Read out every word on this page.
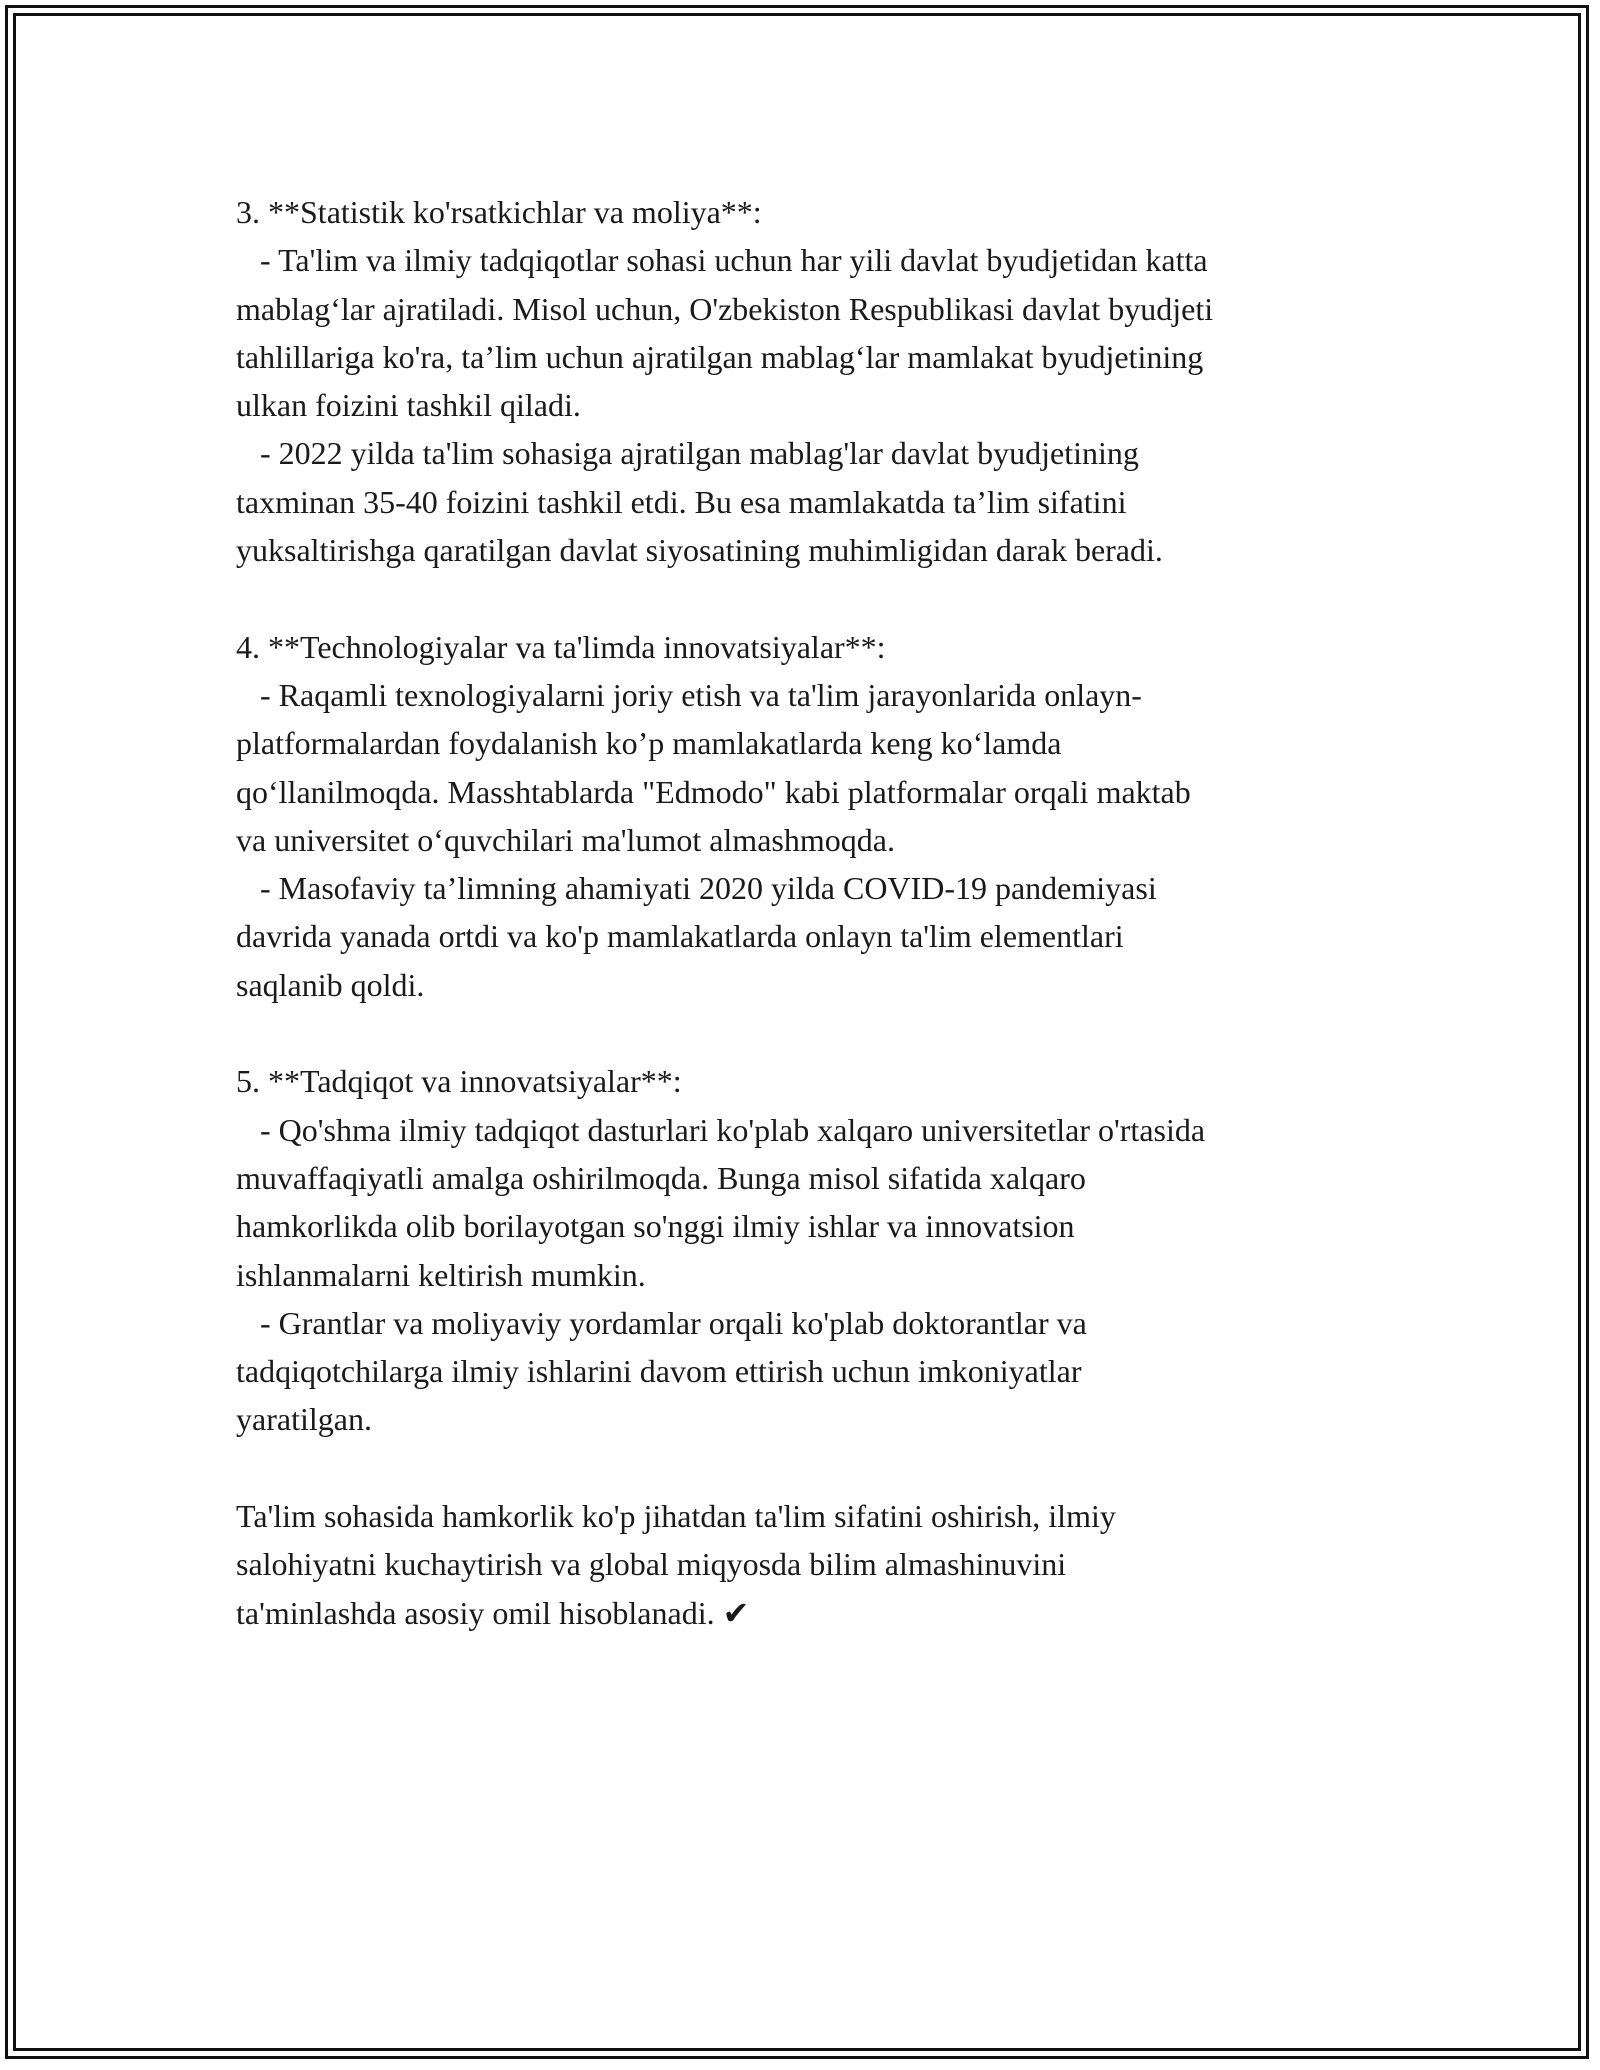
3. **Statistik ko'rsatkichlar va moliya**:
- Ta'lim va ilmiy tadqiqotlar sohasi uchun har yili davlat byudjetidan katta
mablag‘lar ajratiladi. Misol uchun, O'zbekiston Respublikasi davlat byudjeti
tahlillariga ko'ra, ta’lim uchun ajratilgan mablag‘lar mamlakat byudjetining
ulkan foizini tashkil qiladi.
- 2022 yilda ta'lim sohasiga ajratilgan mablag'lar davlat byudjetining
taxminan 35-40 foizini tashkil etdi. Bu esa mamlakatda ta’lim sifatini
yuksaltirishga qaratilgan davlat siyosatining muhimligidan darak beradi.
4. **Technologiyalar va ta'limda innovatsiyalar**:
- Raqamli texnologiyalarni joriy etish va ta'lim jarayonlarida onlayn-
platformalardan foydalanish ko’p mamlakatlarda keng ko‘lamda
qo‘llanilmoqda. Masshtablarda "Edmodo" kabi platformalar orqali maktab
va universitet o‘quvchilari ma'lumot almashmoqda.
- Masofaviy ta’limning ahamiyati 2020 yilda COVID-19 pandemiyasi
davrida yanada ortdi va ko'p mamlakatlarda onlayn ta'lim elementlari
saqlanib qoldi.
5. **Tadqiqot va innovatsiyalar**:
- Qo'shma ilmiy tadqiqot dasturlari ko'plab xalqaro universitetlar o'rtasida
muvaffaqiyatli amalga oshirilmoqda. Bunga misol sifatida xalqaro
hamkorlikda olib borilayotgan so'nggi ilmiy ishlar va innovatsion
ishlanmalarni keltirish mumkin.
- Grantlar va moliyaviy yordamlar orqali ko'plab doktorantlar va
tadqiqotchilarga ilmiy ishlarini davom ettirish uchun imkoniyatlar
yaratilgan.
Ta'lim sohasida hamkorlik ko'p jihatdan ta'lim sifatini oshirish, ilmiy
salohiyatni kuchaytirish va global miqyosda bilim almashinuvini
ta'minlashda asosiy omil hisoblanadi. ✔
